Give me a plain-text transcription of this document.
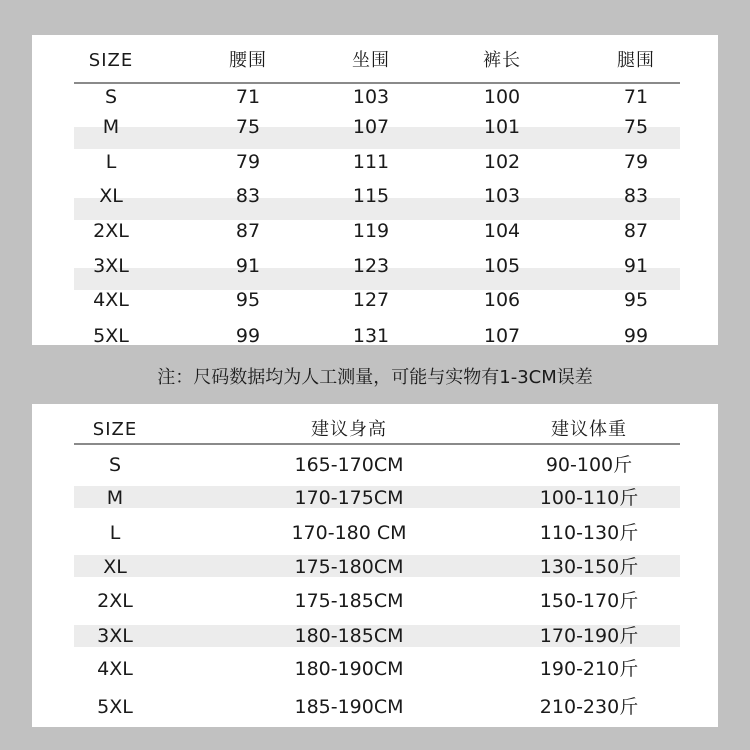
SIZE	腰围	坐围	裤长	腿围
S	71	103	100	71
M	75	107	101	75
L	79	111	102	79
XL	83	115	103	83
2XL	87	119	104	87
3XL	91	123	105	91
4XL	95	127	106	95
5XL	99	131	107	99
注：尺码数据均为人工测量，可能与实物有1-3CM误差
SIZE	建议身高	建议体重
S	165-170CM	90-100斤
M	170-175CM	100-110斤
L	170-180 CM	110-130斤
XL	175-180CM	130-150斤
2XL	175-185CM	150-170斤
3XL	180-185CM	170-190斤
4XL	180-190CM	190-210斤
5XL	185-190CM	210-230斤
